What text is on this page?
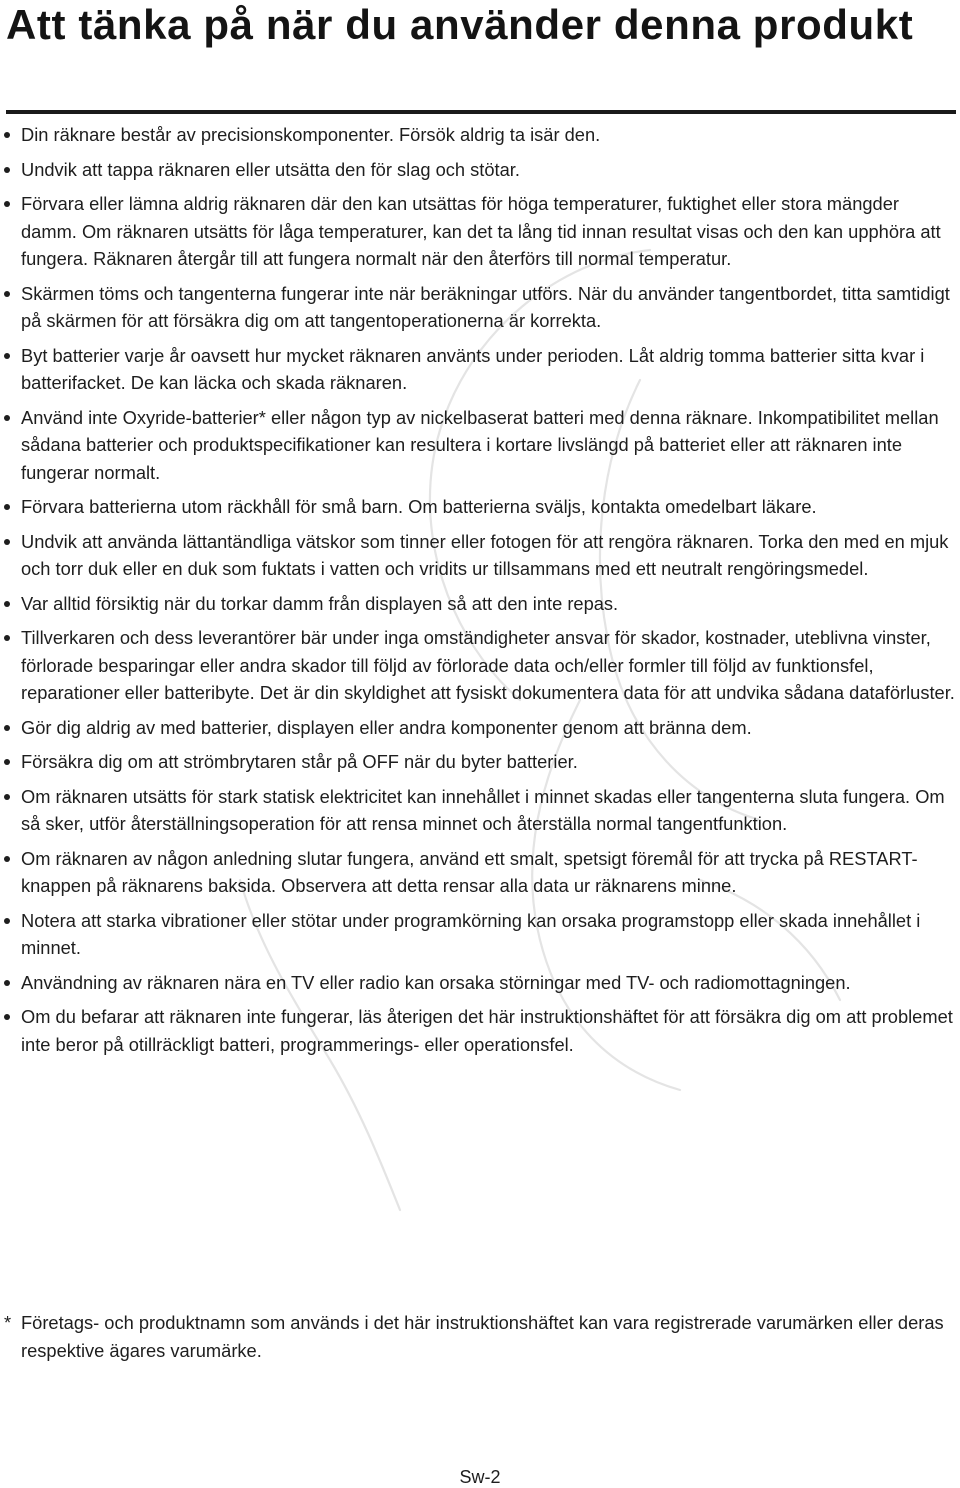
Att tänka på när du använder denna produkt
Din räknare består av precisionskomponenter. Försök aldrig ta isär den.
Undvik att tappa räknaren eller utsätta den för slag och stötar.
Förvara eller lämna aldrig räknaren där den kan utsättas för höga temperaturer, fuktighet eller stora mängder damm. Om räknaren utsätts för låga temperaturer, kan det ta lång tid innan resultat visas och den kan upphöra att fungera. Räknaren återgår till att fungera normalt när den återförs till normal temperatur.
Skärmen töms och tangenterna fungerar inte när beräkningar utförs. När du använder tangentbordet, titta samtidigt på skärmen för att försäkra dig om att tangentoperationerna är korrekta.
Byt batterier varje år oavsett hur mycket räknaren använts under perioden. Låt aldrig tomma batterier sitta kvar i batterifacket. De kan läcka och skada räknaren.
Använd inte Oxyride-batterier* eller någon typ av nickelbaserat batteri med denna räknare. Inkompatibilitet mellan sådana batterier och produktspecifikationer kan resultera i kortare livslängd på batteriet eller att räknaren inte fungerar normalt.
Förvara batterierna utom räckhåll för små barn. Om batterierna sväljs, kontakta omedelbart läkare.
Undvik att använda lättantändliga vätskor som tinner eller fotogen för att rengöra räknaren. Torka den med en mjuk och torr duk eller en duk som fuktats i vatten och vridits ur tillsammans med ett neutralt rengöringsmedel.
Var alltid försiktig när du torkar damm från displayen så att den inte repas.
Tillverkaren och dess leverantörer bär under inga omständigheter ansvar för skador, kostnader, uteblivna vinster, förlorade besparingar eller andra skador till följd av förlorade data och/eller formler till följd av funktionsfel, reparationer eller batteribyte. Det är din skyldighet att fysiskt dokumentera data för att undvika sådana dataförluster.
Gör dig aldrig av med batterier, displayen eller andra komponenter genom att bränna dem.
Försäkra dig om att strömbrytaren står på OFF när du byter batterier.
Om räknaren utsätts för stark statisk elektricitet kan innehållet i minnet skadas eller tangenterna sluta fungera. Om så sker, utför återställningsoperation för att rensa minnet och återställa normal tangentfunktion.
Om räknaren av någon anledning slutar fungera, använd ett smalt, spetsigt föremål för att trycka på RESTART-knappen på räknarens baksida. Observera att detta rensar alla data ur räknarens minne.
Notera att starka vibrationer eller stötar under programkörning kan orsaka programstopp eller skada innehållet i minnet.
Användning av räknaren nära en TV eller radio kan orsaka störningar med TV- och radiomottagningen.
Om du befarar att räknaren inte fungerar, läs återigen det här instruktionshäftet för att försäkra dig om att problemet inte beror på otillräckligt batteri, programmerings- eller operationsfel.
* Företags- och produktnamn som används i det här instruktionshäftet kan vara registrerade varumärken eller deras respektive ägares varumärke.
Sw-2
